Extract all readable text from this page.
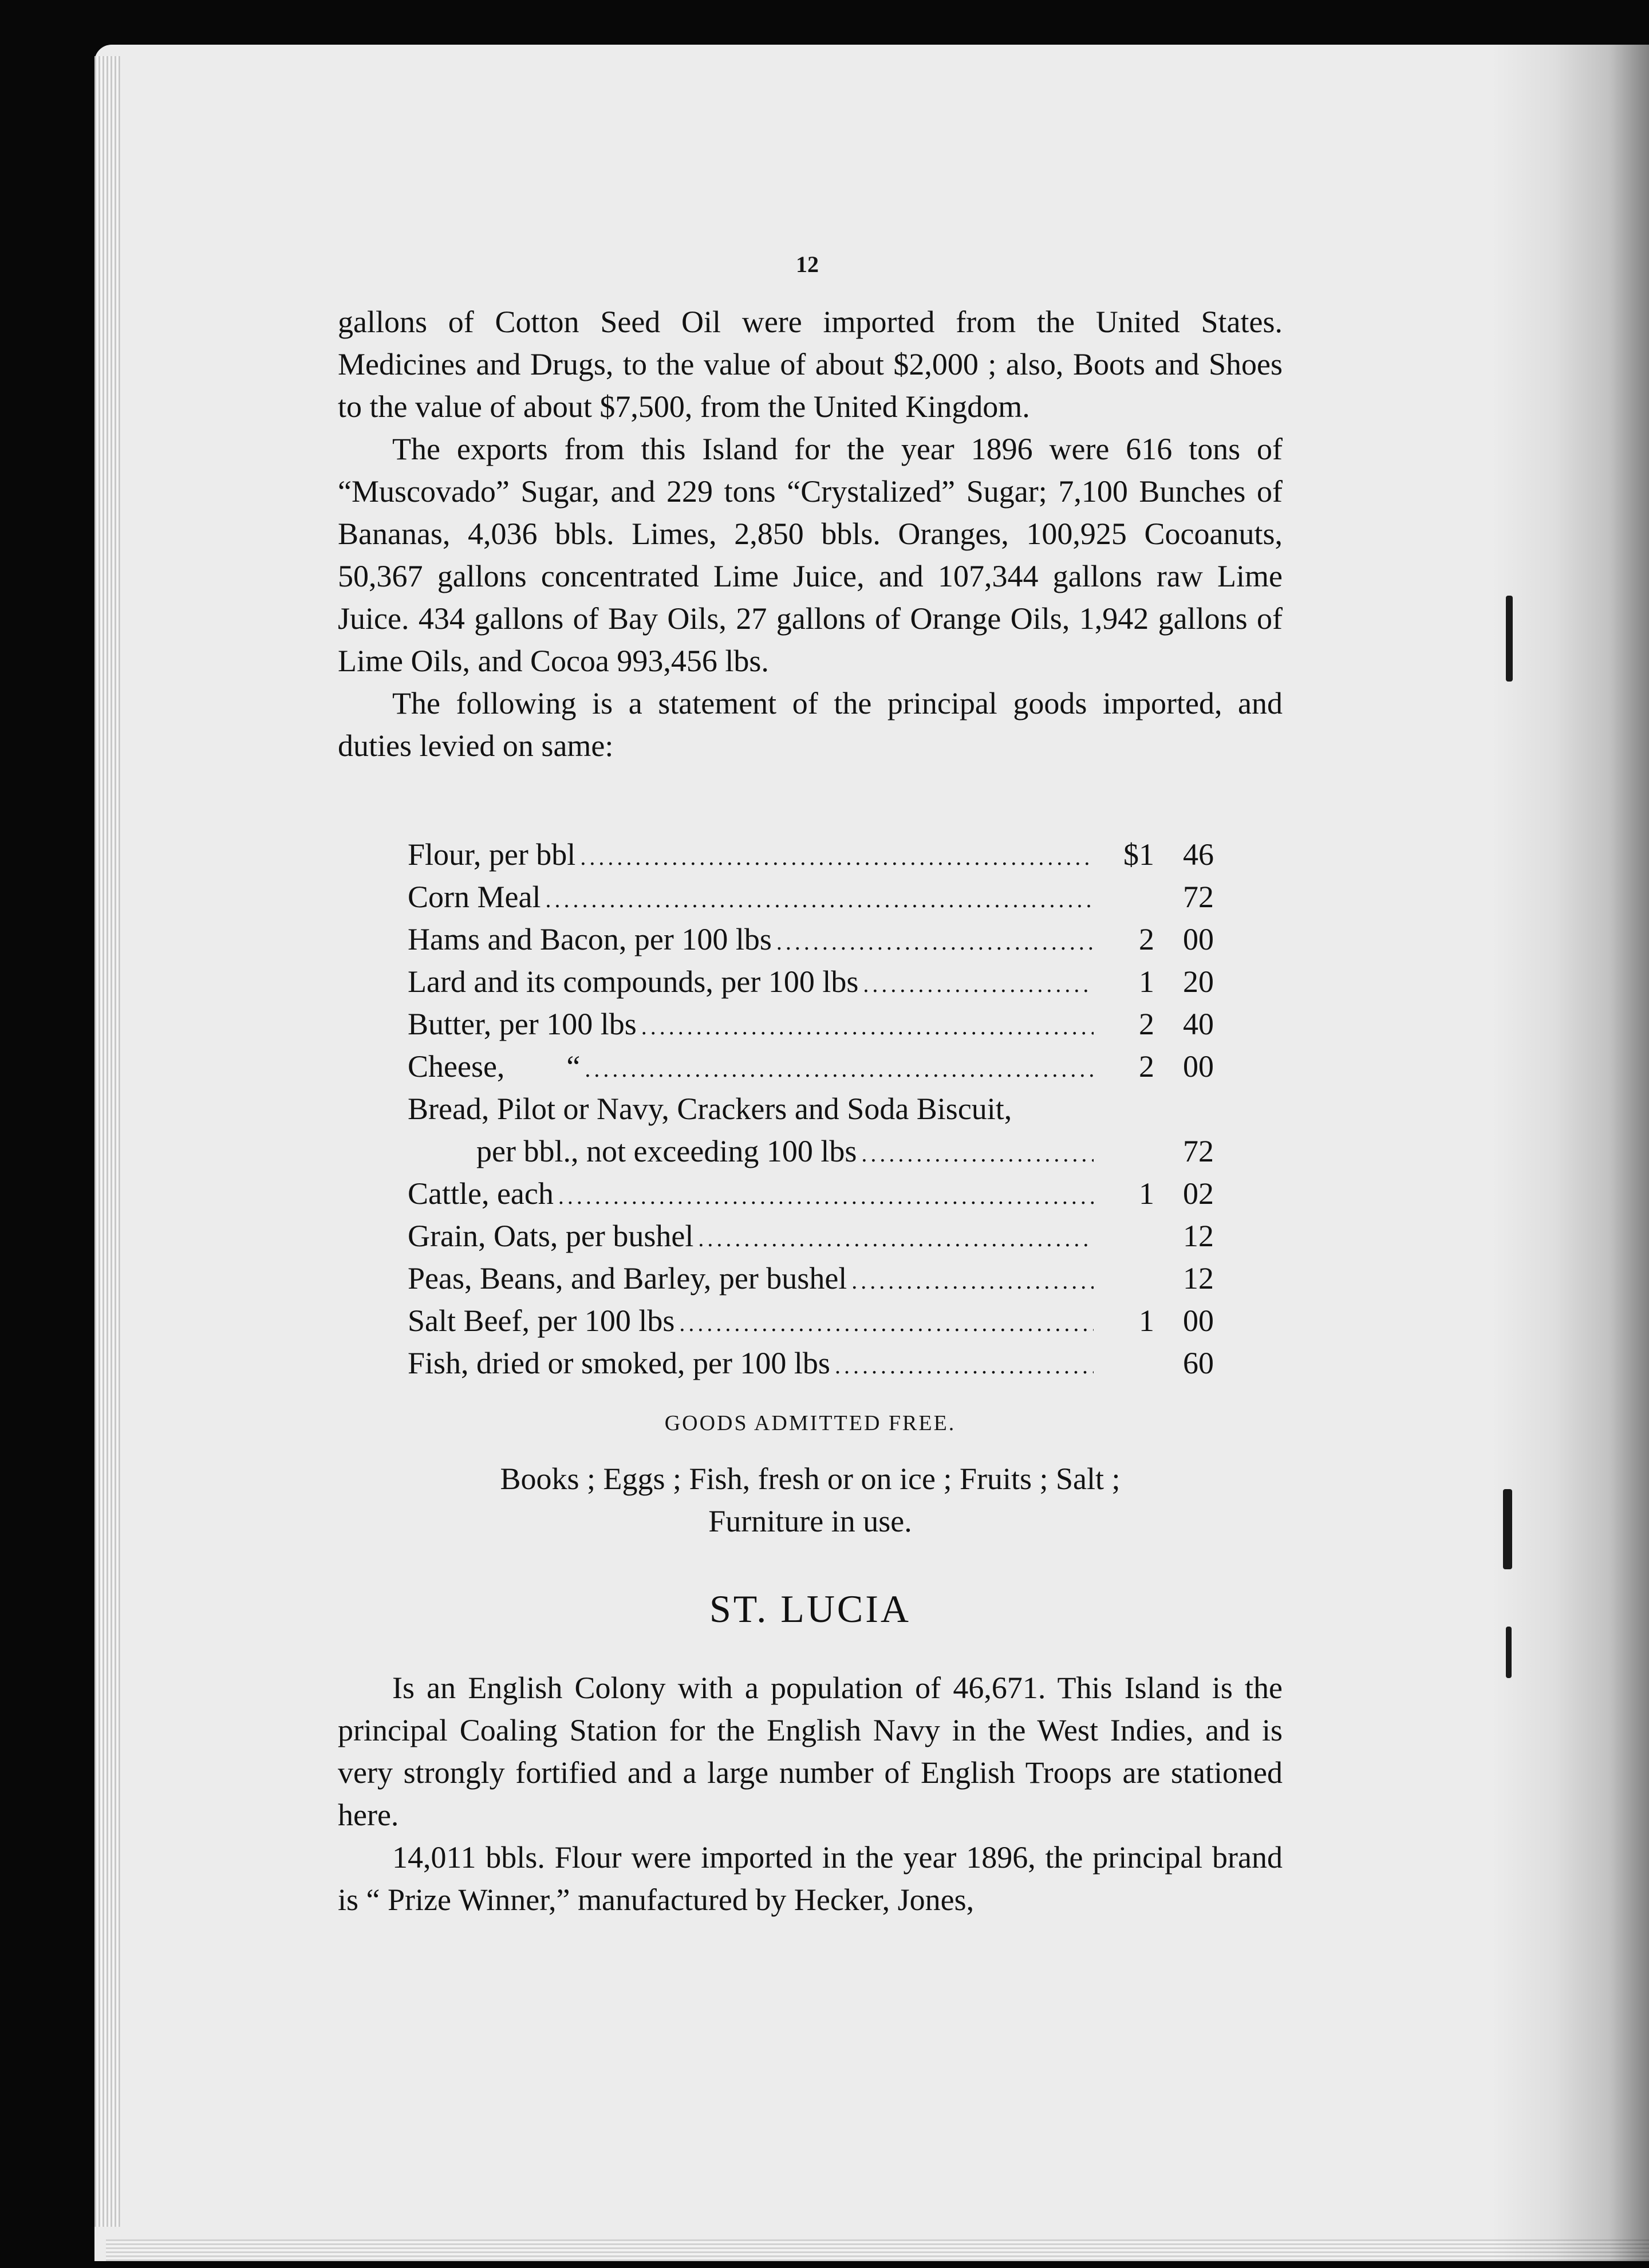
12

gallons of Cotton Seed Oil were imported from the United States. Medicines and Drugs, to the value of about $2,000 ; also, Boots and Shoes to the value of about $7,500, from the United Kingdom.

The exports from this Island for the year 1896 were 616 tons of “Muscovado” Sugar, and 229 tons “Crystalized” Sugar; 7,100 Bunches of Bananas, 4,036 bbls. Limes, 2,850 bbls. Oranges, 100,925 Cocoanuts, 50,367 gallons concentrated Lime Juice, and 107,344 gallons raw Lime Juice. 434 gallons of Bay Oils, 27 gallons of Orange Oils, 1,942 gallons of Lime Oils, and Cocoa 993,456 lbs.

The following is a statement of the principal goods imported, and duties levied on same:

Flour, per bbl . . .	$1 46
Corn Meal . . .	72
Hams and Bacon, per 100 lbs . . .	2 00
Lard and its compounds, per 100 lbs . . .	1 20
Butter, per 100 lbs . . .	2 40
Cheese,        “ . . .	2 00
Bread, Pilot or Navy, Crackers and Soda Biscuit,
per bbl., not exceeding 100 lbs . . .	72
Cattle, each . . .	1 02
Grain, Oats, per bushel . . .	12
Peas, Beans, and Barley, per bushel . . .	12
Salt Beef, per 100 lbs . . .	1 00
Fish, dried or smoked, per 100 lbs . . .	60
GOODS ADMITTED FREE.
Books ; Eggs ; Fish, fresh or on ice ; Fruits ; Salt ;
Furniture in use.
ST. LUCIA

Is an English Colony with a population of 46,671. This Island is the principal Coaling Station for the English Navy in the West Indies, and is very strongly fortified and a large number of English Troops are stationed here.

14,011 bbls. Flour were imported in the year 1896, the principal brand is “ Prize Winner,” manufactured by Hecker, Jones,
